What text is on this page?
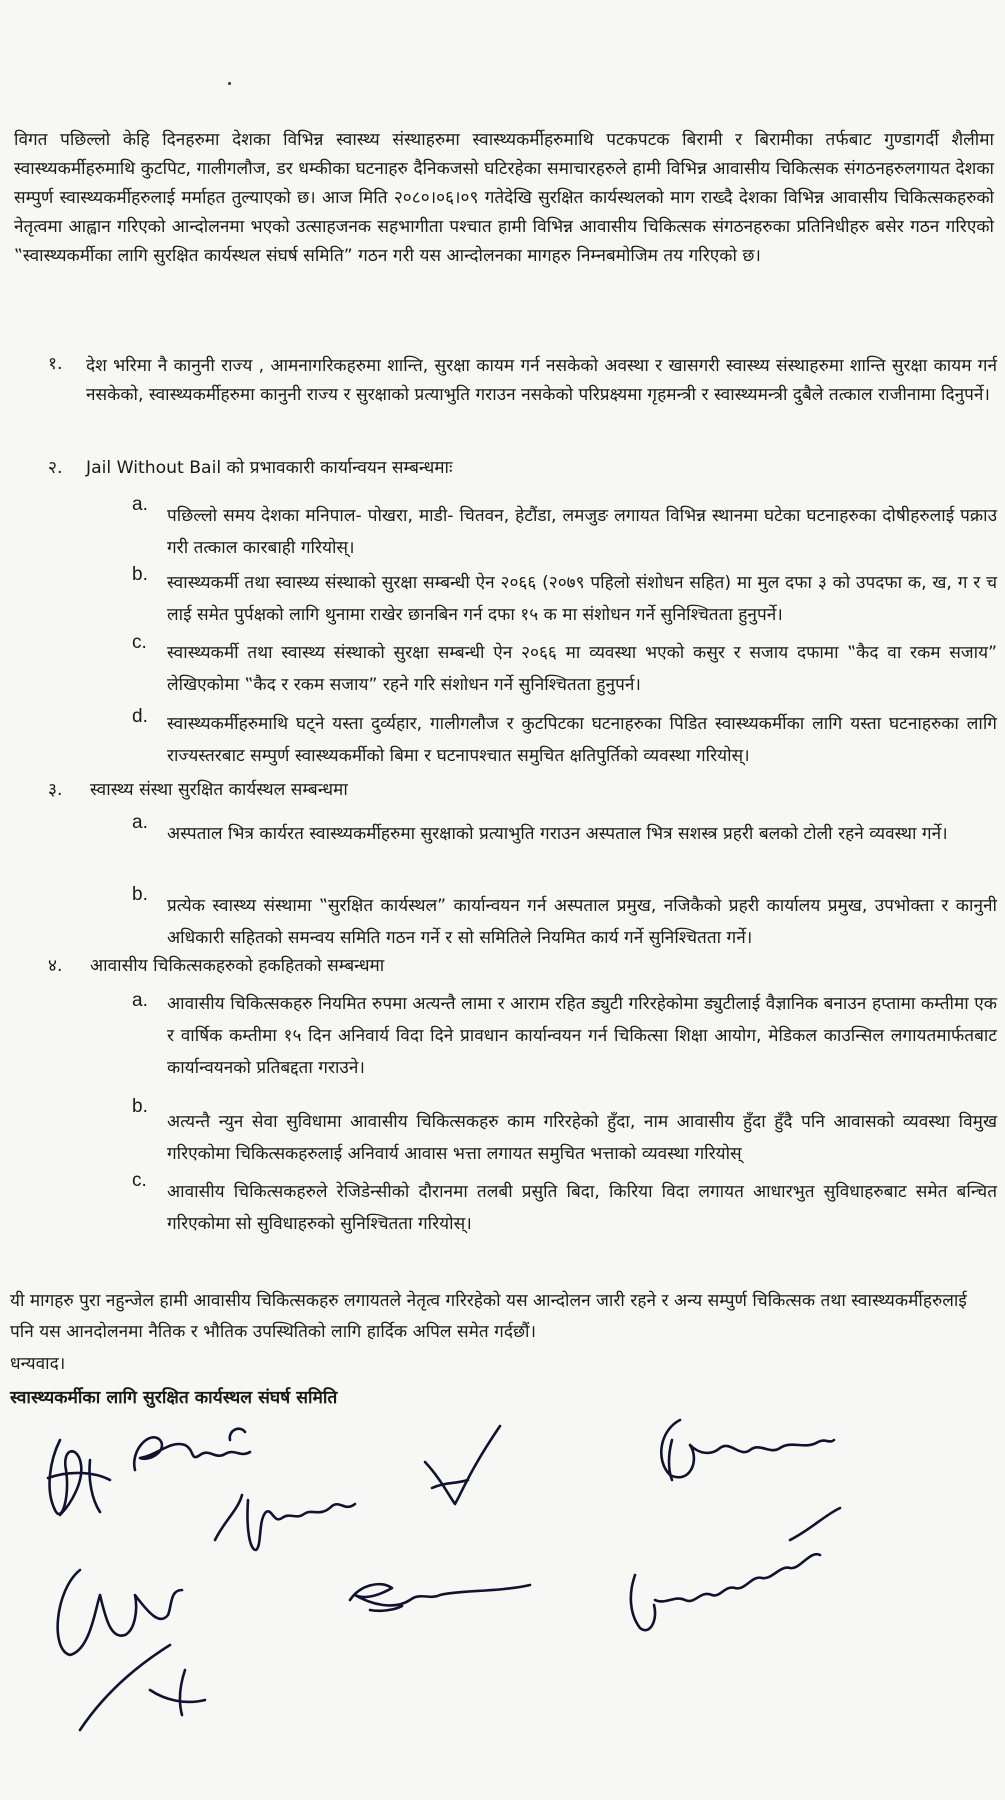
विगत पछिल्लो केहि दिनहरुमा देशका विभिन्न स्वास्थ्य संस्थाहरुमा स्वास्थ्यकर्मीहरुमाथि पटकपटक बिरामी र बिरामीका तर्फबाट गुण्डागर्दी शैलीमा स्वास्थ्यकर्मीहरुमाथि कुटपिट, गालीगलौज, डर धम्कीका घटनाहरु दैनिकजसो घटिरहेका समाचारहरुले हामी विभिन्न आवासीय चिकित्सक संगठनहरुलगायत देशका सम्पुर्ण स्वास्थ्यकर्मीहरुलाई मर्माहत तुल्याएको छ। आज मिति २०८०।०६।०९ गतेदेखि सुरक्षित कार्यस्थलको माग राख्दै देशका विभिन्न आवासीय चिकित्सकहरुको नेतृत्वमा आह्वान गरिएको आन्दोलनमा भएको उत्साहजनक सहभागीता पश्चात हामी विभिन्न आवासीय चिकित्सक संगठनहरुका प्रतिनिधीहरु बसेर गठन गरिएको ‟स्वास्थ्यकर्मीका लागि सुरक्षित कार्यस्थल संघर्ष समिति” गठन गरी यस आन्दोलनका मागहरु निम्नबमोजिम तय गरिएको छ।

१. देश भरिमा नै कानुनी राज्य , आमनागरिकहरुमा शान्ति, सुरक्षा कायम गर्न नसकेको अवस्था र खासगरी स्वास्थ्य संस्थाहरुमा शान्ति सुरक्षा कायम गर्न नसकेको, स्वास्थ्यकर्मीहरुमा कानुनी राज्य र सुरक्षाको प्रत्याभुति गराउन नसकेको परिप्रक्ष्यमा गृहमन्त्री र स्वास्थ्यमन्त्री दुबैले तत्काल राजीनामा दिनुपर्ने।

२. Jail Without Bail को प्रभावकारी कार्यान्वयन सम्बन्धमाः
a.

पछिल्लो समय देशका मनिपाल- पोखरा, माडी- चितवन, हेटौंडा, लमजुङ लगायत विभिन्न स्थानमा घटेका घटनाहरुका दोषीहरुलाई पक्राउ गरी तत्काल कारबाही गरियोस्।

b. स्वास्थ्यकर्मी तथा स्वास्थ्य संस्थाको सुरक्षा सम्बन्धी ऐन २०६६ (२०७९ पहिलो संशोधन सहित) मा मुल दफा ३ को उपदफा क, ख, ग र च लाई समेत पुर्पक्षको लागि थुनामा राखेर छानबिन गर्न दफा १५ क मा संशोधन गर्ने सुनिश्चितता हुनुपर्ने।

c. स्वास्थ्यकर्मी तथा स्वास्थ्य संस्थाको सुरक्षा सम्बन्धी ऐन २०६६ मा व्यवस्था भएको कसुर र सजाय दफामा ‟कैद वा रकम सजाय” लेखिएकोमा ‟कैद र रकम सजाय” रहने गरि संशोधन गर्ने सुनिश्चितता हुनुपर्न।

d. स्वास्थ्यकर्मीहरुमाथि घट्ने यस्ता दुर्व्यहार, गालीगलौज र कुटपिटका घटनाहरुका पिडित स्वास्थ्यकर्मीका लागि यस्ता घटनाहरुका लागि राज्यस्तरबाट सम्पुर्ण स्वास्थ्यकर्मीको बिमा र घटनापश्चात समुचित क्षतिपुर्तिको व्यवस्था गरियोस्।

३. स्वास्थ्य संस्था सुरक्षित कार्यस्थल सम्बन्धमा
a.

अस्पताल भित्र कार्यरत स्वास्थ्यकर्मीहरुमा सुरक्षाको प्रत्याभुति गराउन अस्पताल भित्र सशस्त्र प्रहरी बलको टोली रहने व्यवस्था गर्ने।

b.

प्रत्येक स्वास्थ्य संस्थामा ‟सुरक्षित कार्यस्थल” कार्यान्वयन गर्न अस्पताल प्रमुख, नजिकैको प्रहरी कार्यालय प्रमुख, उपभोक्ता र कानुनी अधिकारी सहितको समन्वय समिति गठन गर्ने र सो समितिले नियमित कार्य गर्ने सुनिश्चितता गर्ने।

४. आवासीय चिकित्सकहरुको हकहितको सम्बन्धमा
a. आवासीय चिकित्सकहरु नियमित रुपमा अत्यन्तै लामा र आराम रहित ड्युटी गरिरहेकोमा ड्युटीलाई वैज्ञानिक बनाउन हप्तामा कम्तीमा एक र वार्षिक कम्तीमा १५ दिन अनिवार्य विदा दिने प्रावधान कार्यान्वयन गर्न चिकित्सा शिक्षा आयोग, मेडिकल काउन्सिल लगायतमार्फतबाट कार्यान्वयनको प्रतिबद्दता गराउने।

b.

अत्यन्तै न्युन सेवा सुविधामा आवासीय चिकित्सकहरु काम गरिरहेको हुँदा, नाम आवासीय हुँदा हुँदै पनि आवासको व्यवस्था विमुख गरिएकोमा चिकित्सकहरुलाई अनिवार्य आवास भत्ता लगायत समुचित भत्ताको व्यवस्था गरियोस्

c.

आवासीय चिकित्सकहरुले रेजिडेन्सीको दौरानमा तलबी प्रसुति बिदा, किरिया विदा लगायत आधारभुत सुविधाहरुबाट समेत बन्चित गरिएकोमा सो सुविधाहरुको सुनिश्चितता गरियोस्।

यी मागहरु पुरा नहुन्जेल हामी आवासीय चिकित्सकहरु लगायतले नेतृत्व गरिरहेको यस आन्दोलन जारी रहने र अन्य सम्पुर्ण चिकित्सक तथा स्वास्थ्यकर्मीहरुलाई पनि यस आनदोलनमा नैतिक र भौतिक उपस्थितिको लागि हार्दिक अपिल समेत गर्दछौं।

धन्यवाद।
स्वास्थ्यकर्मीका लागि सुरक्षित कार्यस्थल संघर्ष समिति
